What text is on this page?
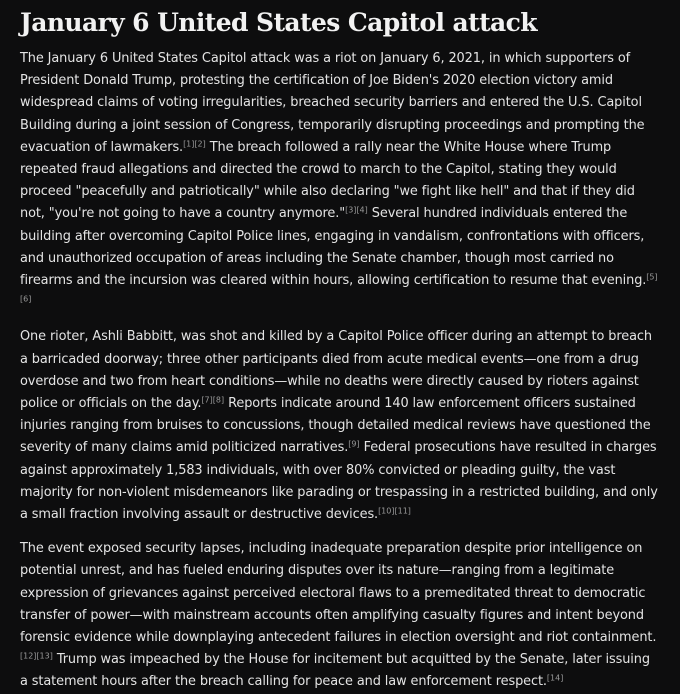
January 6 United States Capitol attack

The January 6 United States Capitol attack was a riot on January 6, 2021, in which supporters of President Donald Trump, protesting the certification of Joe Biden's 2020 election victory amid widespread claims of voting irregularities, breached security barriers and entered the U.S. Capitol Building during a joint session of Congress, temporarily disrupting proceedings and prompting the evacuation of lawmakers.[1][2] The breach followed a rally near the White House where Trump repeated fraud allegations and directed the crowd to march to the Capitol, stating they would proceed "peacefully and patriotically" while also declaring "we fight like hell" and that if they did not, "you're not going to have a country anymore."[3][4] Several hundred individuals entered the building after overcoming Capitol Police lines, engaging in vandalism, confrontations with officers, and unauthorized occupation of areas including the Senate chamber, though most carried no firearms and the incursion was cleared within hours, allowing certification to resume that evening.[5][6]

One rioter, Ashli Babbitt, was shot and killed by a Capitol Police officer during an attempt to breach a barricaded doorway; three other participants died from acute medical events—one from a drug overdose and two from heart conditions—while no deaths were directly caused by rioters against police or officials on the day.[7][8] Reports indicate around 140 law enforcement officers sustained injuries ranging from bruises to concussions, though detailed medical reviews have questioned the severity of many claims amid politicized narratives.[9] Federal prosecutions have resulted in charges against approximately 1,583 individuals, with over 80% convicted or pleading guilty, the vast majority for non-violent misdemeanors like parading or trespassing in a restricted building, and only a small fraction involving assault or destructive devices.[10][11]

The event exposed security lapses, including inadequate preparation despite prior intelligence on potential unrest, and has fueled enduring disputes over its nature—ranging from a legitimate expression of grievances against perceived electoral flaws to a premeditated threat to democratic transfer of power—with mainstream accounts often amplifying casualty figures and intent beyond forensic evidence while downplaying antecedent failures in election oversight and riot containment.[12][13] Trump was impeached by the House for incitement but acquitted by the Senate, later issuing a statement hours after the breach calling for peace and law enforcement respect.[14]
